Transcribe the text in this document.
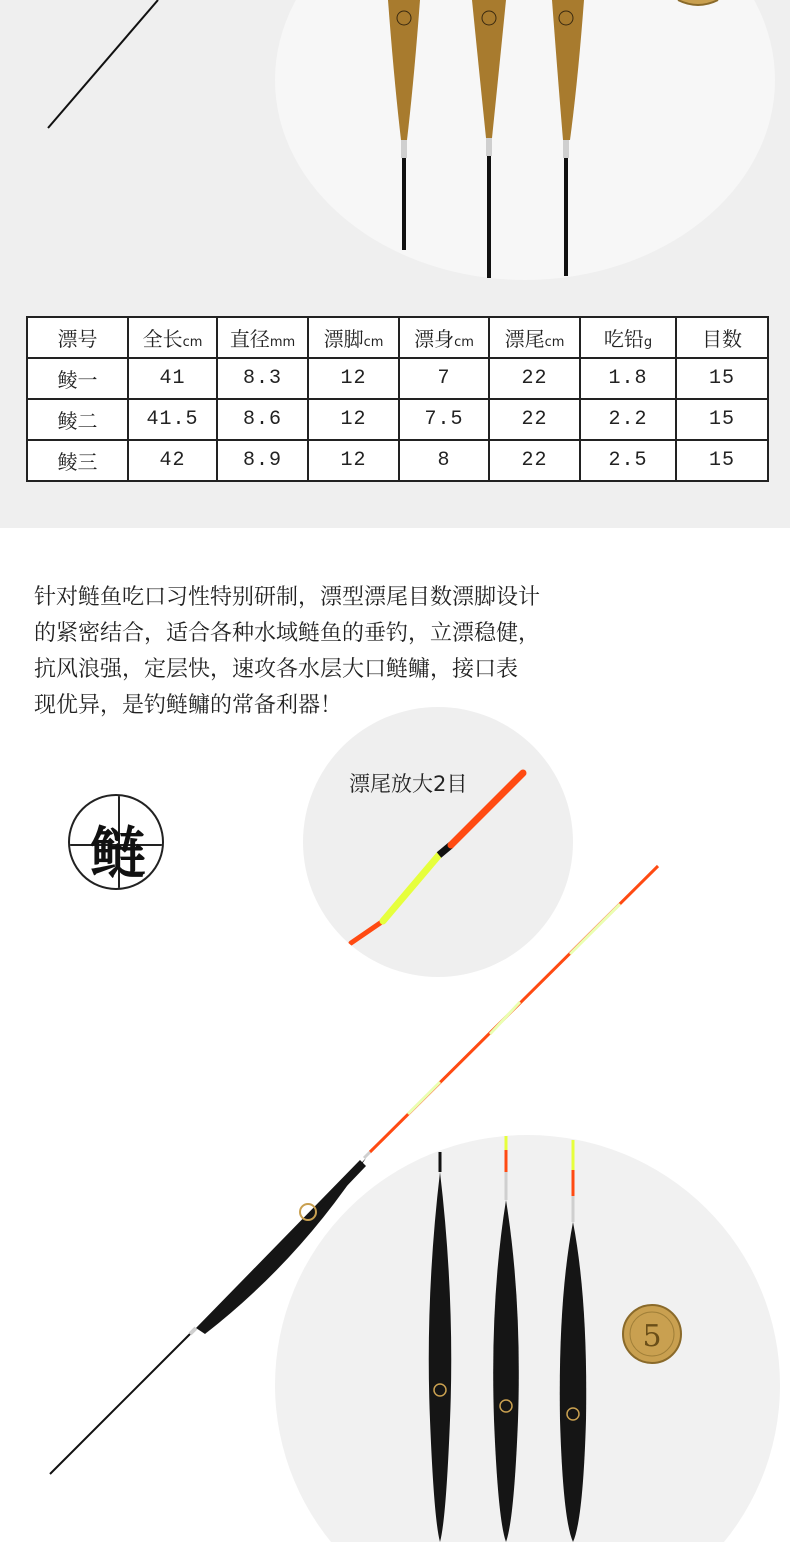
漂号	全长cm	直径mm	漂脚cm	漂身cm	漂尾cm	吃铅g	目数
鲮一	41	8.3	12	7	22	1.8	15
鲮二	41.5	8.6	12	7.5	22	2.2	15
鲮三	42	8.9	12	8	22	2.5	15
针对鲢鱼吃口习性特别研制，漂型漂尾目数漂脚设计
的紧密结合，适合各种水域鲢鱼的垂钓，立漂稳健，
抗风浪强，定层快，速攻各水层大口鲢鳙，接口表
现优异，是钓鲢鳙的常备利器！
鲢
漂尾放大2目
5
